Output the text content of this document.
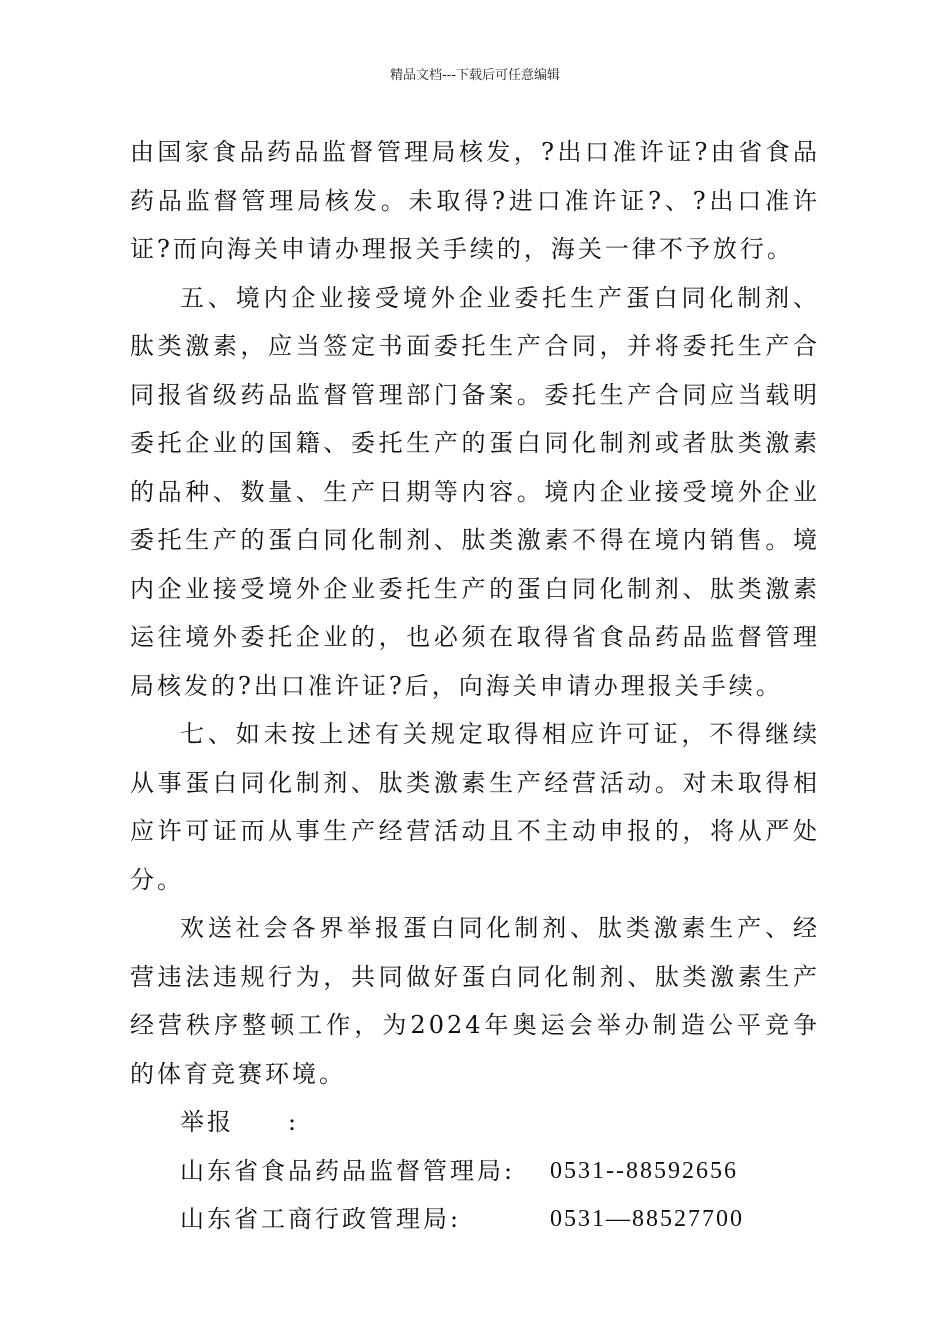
精品文档---下载后可任意编辑

由国家食品药品监督管理局核发，?出口准许证?由省食品药品监督管理局核发。未取得?进口准许证?、?出口准许证?而向海关申请办理报关手续的，海关一律不予放行。

五、境内企业接受境外企业委托生产蛋白同化制剂、肽类激素，应当签定书面委托生产合同，并将委托生产合同报省级药品监督管理部门备案。委托生产合同应当载明委托企业的国籍、委托生产的蛋白同化制剂或者肽类激素的品种、数量、生产日期等内容。境内企业接受境外企业委托生产的蛋白同化制剂、肽类激素不得在境内销售。境内企业接受境外企业委托生产的蛋白同化制剂、肽类激素运往境外委托企业的，也必须在取得省食品药品监督管理局核发的?出口准许证?后，向海关申请办理报关手续。

七、如未按上述有关规定取得相应许可证，不得继续从事蛋白同化制剂、肽类激素生产经营活动。对未取得相应许可证而从事生产经营活动且不主动申报的，将从严处分。

欢送社会各界举报蛋白同化制剂、肽类激素生产、经营违法违规行为，共同做好蛋白同化制剂、肽类激素生产经营秩序整顿工作，为2024年奥运会举办制造公平竞争的体育竞赛环境。

举报　　:

山东省食品药品监督管理局:	0531--88592656
山东省工商行政管理局:	0531—88527700
